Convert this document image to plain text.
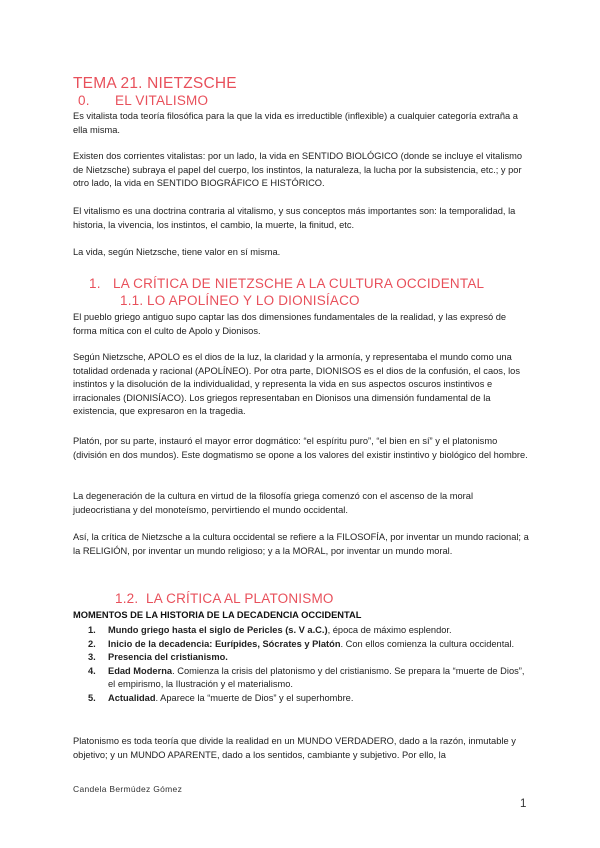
TEMA 21. NIETZSCHE
0. EL VITALISMO

Es vitalista toda teoría filosófica para la que la vida es irreductible (inflexible) a cualquier categoría extraña a ella misma.

Existen dos corrientes vitalistas: por un lado, la vida en SENTIDO BIOLÓGICO (donde se incluye el vitalismo de Nietzsche) subraya el papel del cuerpo, los instintos, la naturaleza, la lucha por la subsistencia, etc.; y por otro lado, la vida en SENTIDO BIOGRÁFICO E HISTÓRICO.

El vitalismo es una doctrina contraria al vitalismo, y sus conceptos más importantes son: la temporalidad, la historia, la vivencia, los instintos, el cambio, la muerte, la finitud, etc.

La vida, según Nietzsche, tiene valor en sí misma.

1. LA CRÍTICA DE NIETZSCHE A LA CULTURA OCCIDENTAL
1.1. LO APOLÍNEO Y LO DIONISÍACO

El pueblo griego antiguo supo captar las dos dimensiones fundamentales de la realidad, y las expresó de forma mítica con el culto de Apolo y Dionisos.

Según Nietzsche, APOLO es el dios de la luz, la claridad y la armonía, y representaba el mundo como una totalidad ordenada y racional (APOLÍNEO). Por otra parte, DIONISOS es el dios de la confusión, el caos, los instintos y la disolución de la individualidad, y representa la vida en sus aspectos oscuros instintivos e irracionales (DIONISÍACO). Los griegos representaban en Dionisos una dimensión fundamental de la existencia, que expresaron en la tragedia.

Platón, por su parte, instauró el mayor error dogmático: “el espíritu puro”, “el bien en sí” y el platonismo (división en dos mundos). Este dogmatismo se opone a los valores del existir instintivo y biológico del hombre.

La degeneración de la cultura en virtud de la filosofía griega comenzó con el ascenso de la moral judeocristiana y del monoteísmo, pervirtiendo el mundo occidental.

Así, la crítica de Nietzsche a la cultura occidental se refiere a la FILOSOFÍA, por inventar un mundo racional; a la RELIGIÓN, por inventar un mundo religioso; y a la MORAL, por inventar un mundo moral.

1.2. LA CRÍTICA AL PLATONISMO
MOMENTOS DE LA HISTORIA DE LA DECADENCIA OCCIDENTAL
1. Mundo griego hasta el siglo de Pericles (s. V a.C.), época de máximo esplendor.
2. Inicio de la decadencia: Eurípides, Sócrates y Platón. Con ellos comienza la cultura occidental.
3. Presencia del cristianismo.
4. Edad Moderna. Comienza la crisis del platonismo y del cristianismo. Se prepara la “muerte de Dios”, el empirismo, la Ilustración y el materialismo.
5. Actualidad. Aparece la “muerte de Dios” y el superhombre.

Platonismo es toda teoría que divide la realidad en un MUNDO VERDADERO, dado a la razón, inmutable y objetivo; y un MUNDO APARENTE, dado a los sentidos, cambiante y subjetivo. Por ello, la

Candela Bermúdez Gómez
1
